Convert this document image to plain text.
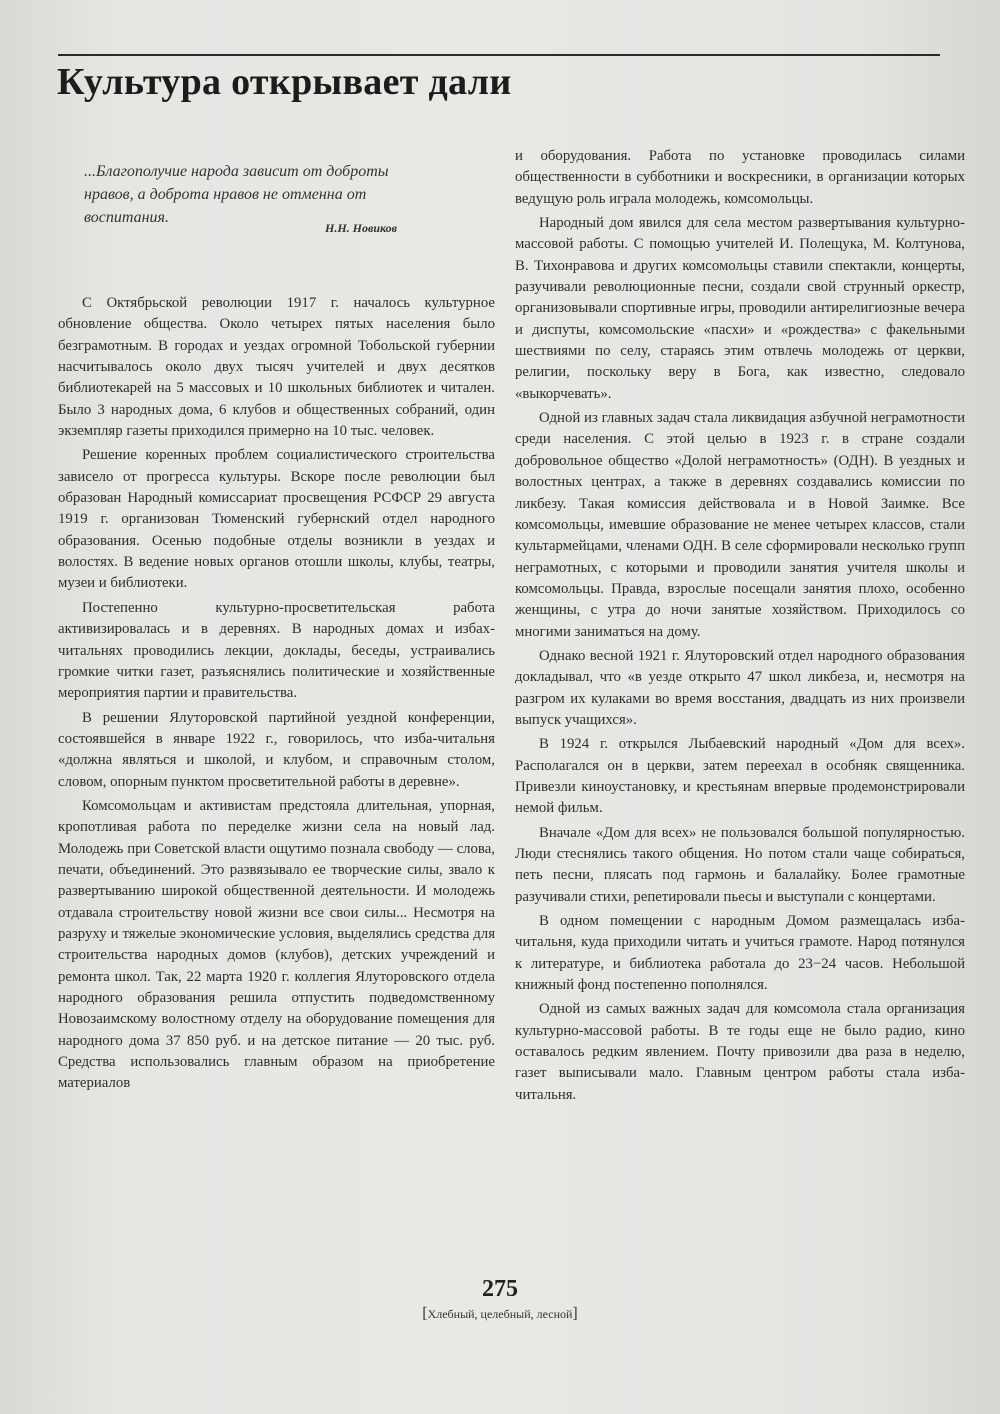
Культура открывает дали
...Благополучие народа зависит от доброты нравов, а доброта нравов не отменна от воспитания.
Н.Н. Новиков

С Октябрьской революции 1917 г. началось культурное обновление общества. Около четырех пятых населения было безграмотным. В городах и уездах огромной Тобольской губернии насчитывалось около двух тысяч учителей и двух десятков библиотекарей на 5 массовых и 10 школьных библиотек и читален. Было 3 народных дома, 6 клубов и общественных собраний, один экземпляр газеты приходился примерно на 10 тыс. человек.

Решение коренных проблем социалистического строительства зависело от прогресса культуры. Вскоре после революции был образован Народный комиссариат просвещения РСФСР 29 августа 1919 г. организован Тюменский губернский отдел народного образования. Осенью подобные отделы возникли в уездах и волостях. В ведение новых органов отошли школы, клубы, театры, музеи и библиотеки.

Постепенно культурно-просветительская работа активизировалась и в деревнях. В народных домах и избах-читальнях проводились лекции, доклады, беседы, устраивались громкие читки газет, разъяснялись политические и хозяйственные мероприятия партии и правительства.

В решении Ялуторовской партийной уездной конференции, состоявшейся в январе 1922 г., говорилось, что изба-читальня «должна являться и школой, и клубом, и справочным столом, словом, опорным пунктом просветительной работы в деревне».

Комсомольцам и активистам предстояла длительная, упорная, кропотливая работа по переделке жизни села на новый лад. Молодежь при Советской власти ощутимо познала свободу — слова, печати, объединений. Это развязывало ее творческие силы, звало к развертыванию широкой общественной деятельности. И молодежь отдавала строительству новой жизни все свои силы... Несмотря на разруху и тяжелые экономические условия, выделялись средства для строительства народных домов (клубов), детских учреждений и ремонта школ. Так, 22 марта 1920 г. коллегия Ялуторовского отдела народного образования решила отпустить подведомственному Новозаимскому волостному отделу на оборудование помещения для народного дома 37 850 руб. и на детское питание — 20 тыс. руб. Средства использовались главным образом на приобретение материалов

и оборудования. Работа по установке проводилась силами общественности в субботники и воскресники, в организации которых ведущую роль играла молодежь, комсомольцы.

Народный дом явился для села местом развертывания культурно-массовой работы. С помощью учителей И. Полещука, М. Колтунова, В. Тихонравова и других комсомольцы ставили спектакли, концерты, разучивали революционные песни, создали свой струнный оркестр, организовывали спортивные игры, проводили антирелигиозные вечера и диспуты, комсомольские «пасхи» и «рождества» с факельными шествиями по селу, стараясь этим отвлечь молодежь от церкви, религии, поскольку веру в Бога, как известно, следовало «выкорчевать».

Одной из главных задач стала ликвидация азбучной неграмотности среди населения. С этой целью в 1923 г. в стране создали добровольное общество «Долой неграмотность» (ОДН). В уездных и волостных центрах, а также в деревнях создавались комиссии по ликбезу. Такая комиссия действовала и в Новой Заимке. Все комсомольцы, имевшие образование не менее четырех классов, стали культармейцами, членами ОДН. В селе сформировали несколько групп неграмотных, с которыми и проводили занятия учителя школы и комсомольцы. Правда, взрослые посещали занятия плохо, особенно женщины, с утра до ночи занятые хозяйством. Приходилось со многими заниматься на дому.

Однако весной 1921 г. Ялуторовский отдел народного образования докладывал, что «в уезде открыто 47 школ ликбеза, и, несмотря на разгром их кулаками во время восстания, двадцать из них произвели выпуск учащихся».

В 1924 г. открылся Лыбаевский народный «Дом для всех». Располагался он в церкви, затем переехал в особняк священника. Привезли киноустановку, и крестьянам впервые продемонстрировали немой фильм.

Вначале «Дом для всех» не пользовался большой популярностью. Люди стеснялись такого общения. Но потом стали чаще собираться, петь песни, плясать под гармонь и балалайку. Более грамотные разучивали стихи, репетировали пьесы и выступали с концертами.

В одном помещении с народным Домом размещалась изба-читальня, куда приходили читать и учиться грамоте. Народ потянулся к литературе, и библиотека работала до 23−24 часов. Небольшой книжный фонд постепенно пополнялся.

Одной из самых важных задач для комсомола стала организация культурно-массовой работы. В те годы еще не было радио, кино оставалось редким явлением. Почту привозили два раза в неделю, газет выписывали мало. Главным центром работы стала изба-читальня.

275
[Хлебный, целебный, лесной]
